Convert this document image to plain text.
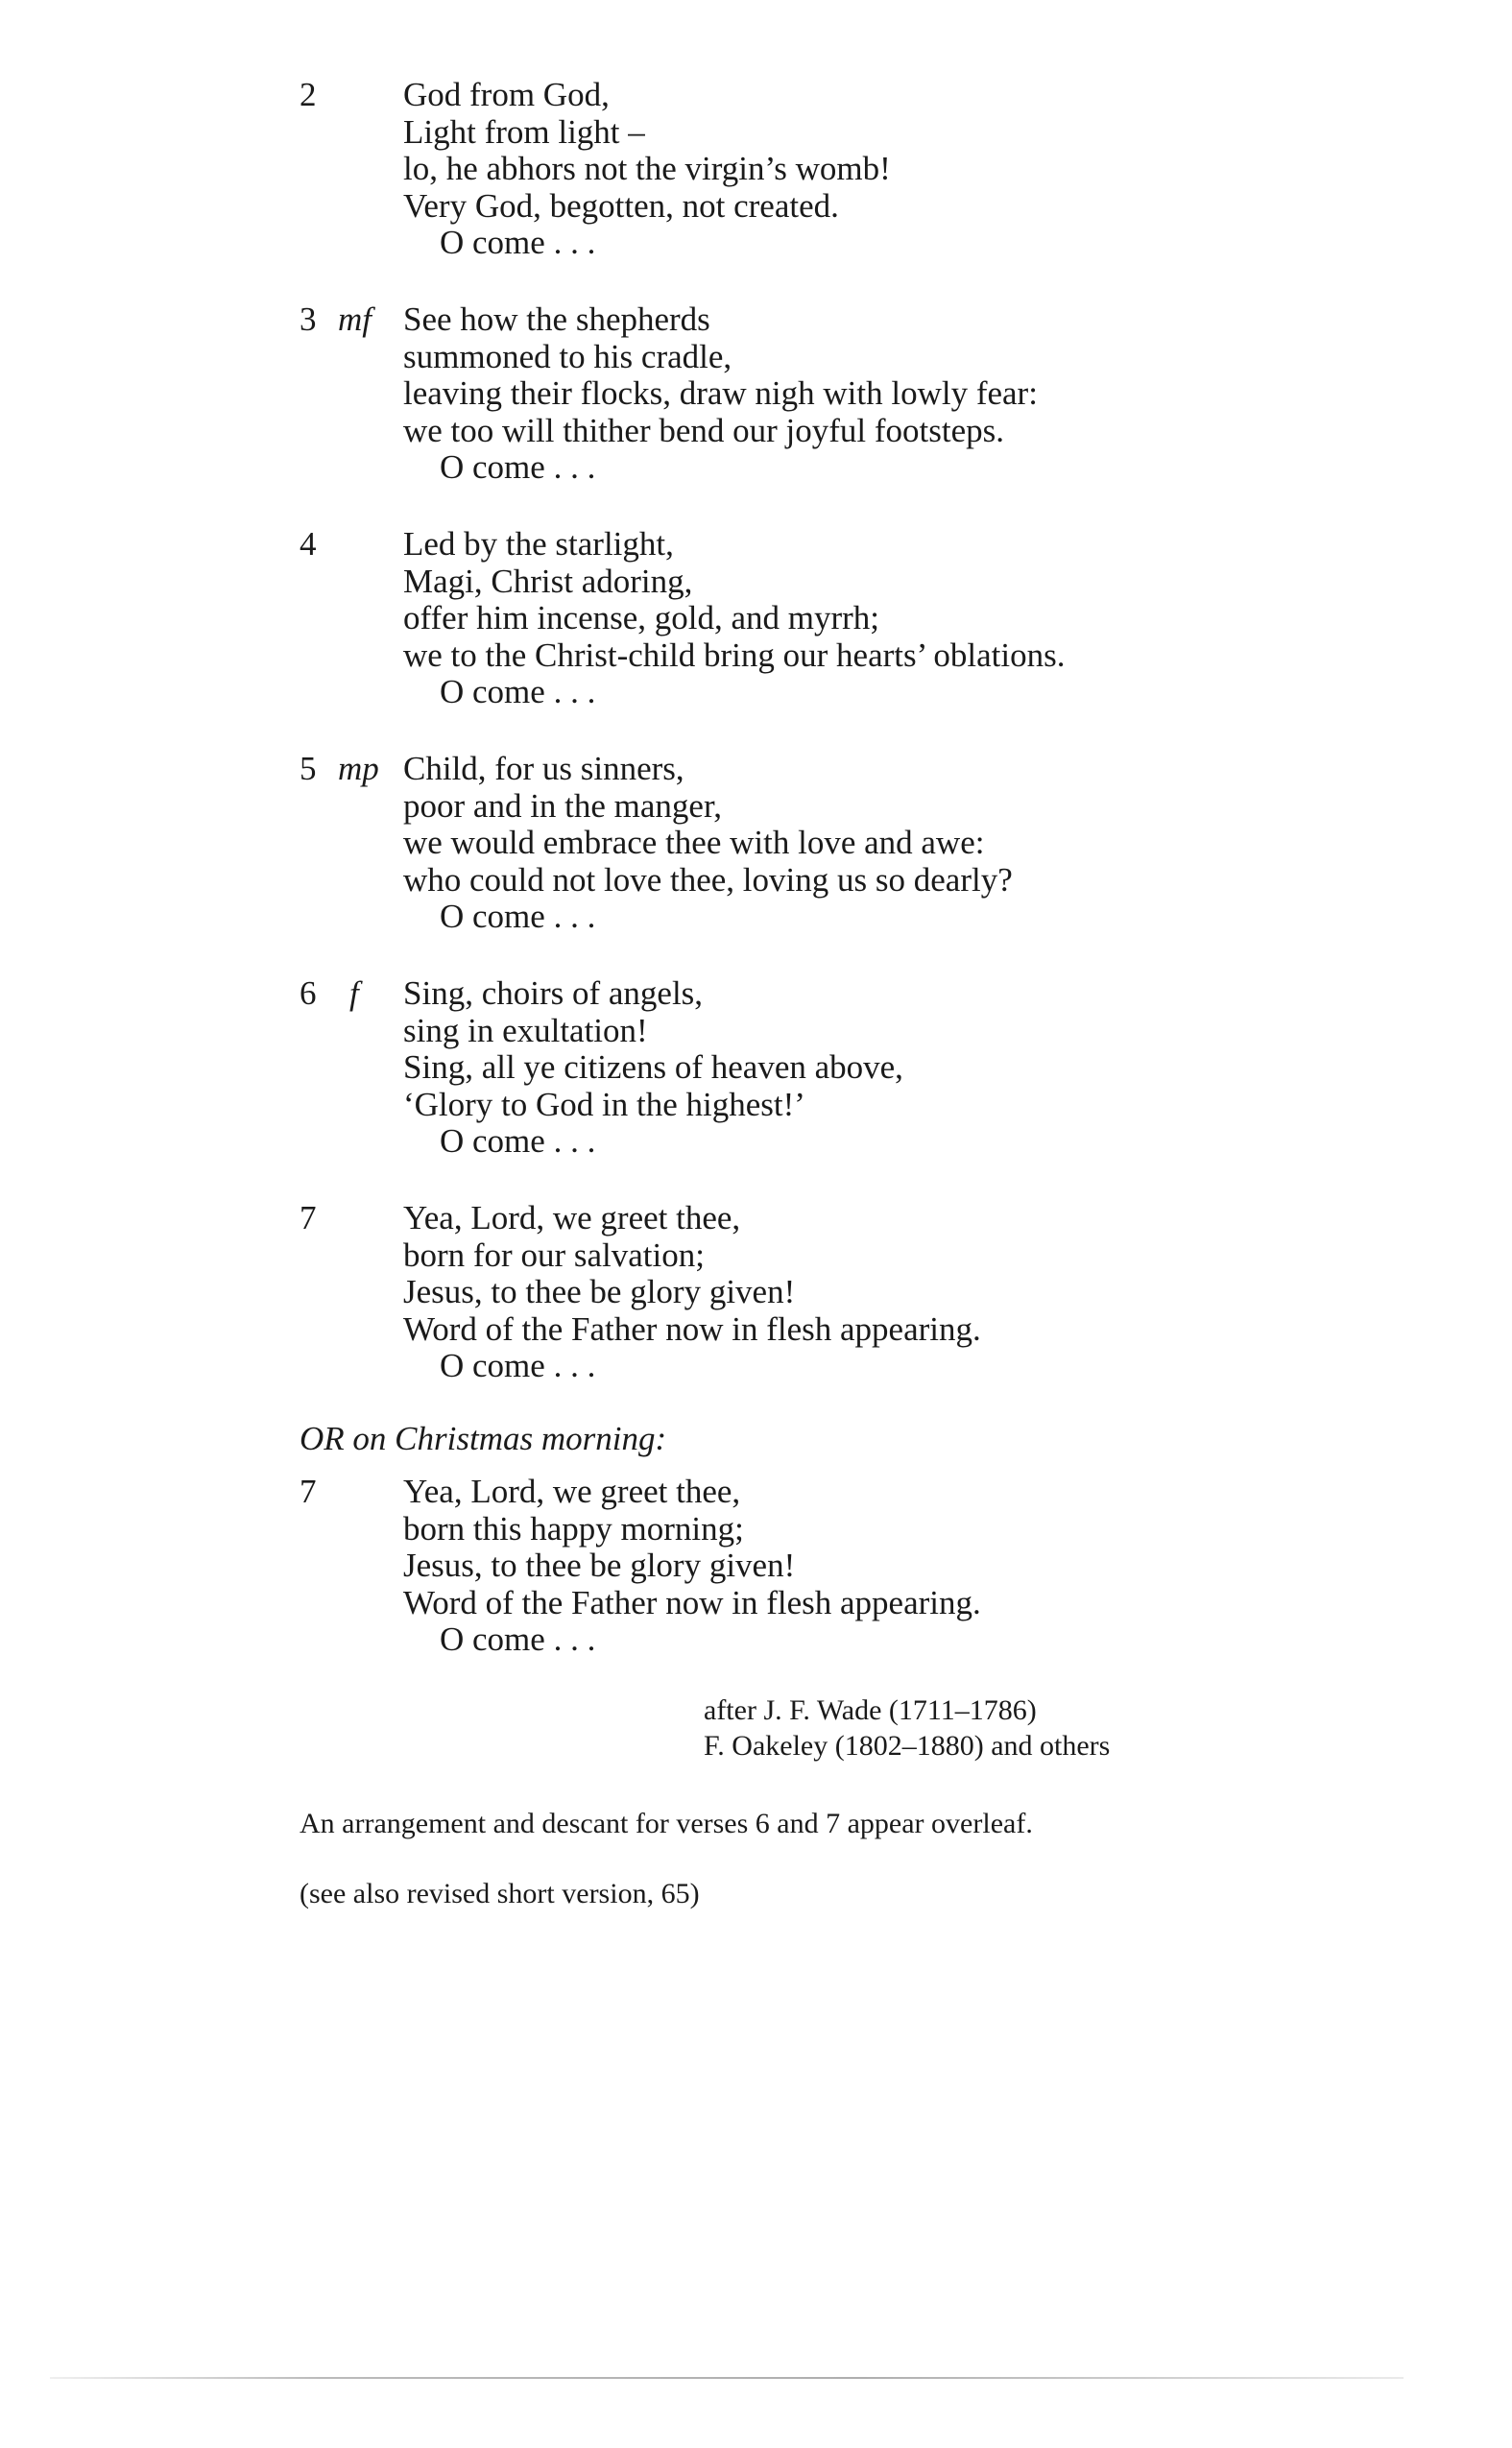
2	God from God,
Light from light –
lo, he abhors not the virgin’s womb!
Very God, begotten, not created.
O come . . .
3 mf See how the shepherds
summoned to his cradle,
leaving their flocks, draw nigh with lowly fear:
we too will thither bend our joyful footsteps.
O come . . .
4	Led by the starlight,
Magi, Christ adoring,
offer him incense, gold, and myrrh;
we to the Christ-child bring our hearts’ oblations.
O come . . .
5 mp Child, for us sinners,
poor and in the manger,
we would embrace thee with love and awe:
who could not love thee, loving us so dearly?
O come . . .
6 f Sing, choirs of angels,
sing in exultation!
Sing, all ye citizens of heaven above,
‘Glory to God in the highest!’
O come . . .
7	Yea, Lord, we greet thee,
born for our salvation;
Jesus, to thee be glory given!
Word of the Father now in flesh appearing.
O come . . .
OR on Christmas morning:
7	Yea, Lord, we greet thee,
born this happy morning;
Jesus, to thee be glory given!
Word of the Father now in flesh appearing.
O come . . .
after J. F. Wade (1711–1786)
F. Oakeley (1802–1880) and others
An arrangement and descant for verses 6 and 7 appear overleaf.
(see also revised short version, 65)
